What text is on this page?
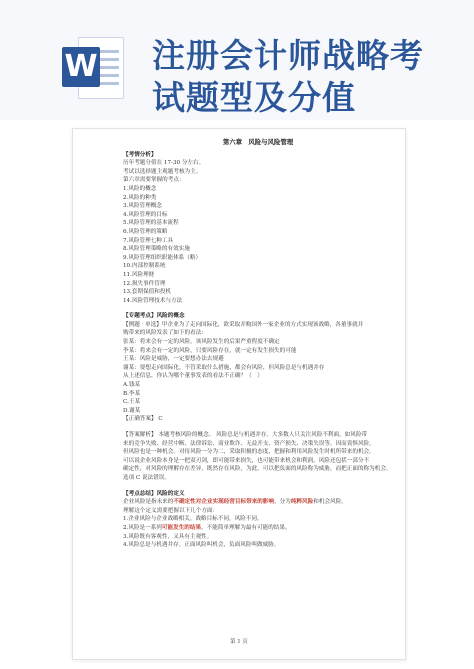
W 注册会计师战略考
试题型及分值
第六章　风险与风险管理
【考情分析】
历年考题分值在 17-30 分左右。
考试以选择题主观题考核为主。
第六章需要掌握的考点：
1.风险的概念
2.风险的种类
3.风险管理概念
4.风险管理的目标
5.风险管理的基本流程
6.风险管理的策略
7.风险管理七种工具
8.风险管理策略的有效实施
9.风险管理组织职能体系（略）
10.内部控制系统
11.风险理财
12.损失事件管理
13.套期保值和投机
14.风险管理技术与方法
【专题考点】风险的概念
【例题 · 单选】甲企业为了走向国际化，欲采取并购国外一家企业的方式实现该战略，各董事就并
购带来的风险发表了如下的看法：
张某：将来会有一定的风险，该风险发生的后果严重程度不确定
李某：将来会有一定的风险，只要风险存在，就一定有发生损失的可能
王某：风险是威胁，一定要想办法去规避
谢某：要想走向国际化，不管采取什么措施，都会有风险，但风险总是与机遇并存
从上述信息，你认为哪个董事发表的看法不正确？（　）
A.钱某
B.李某
C.王某
D.谢某
【正确答案】 C
【答案解析】 本题考核风险的概念。 风险总是与机遇并存。大多数人只关注风险不利面，如风险带
来的竞争失败、经营中断、法律诉讼、商业欺诈、无益开支、资产损失、决策失误等，因而畏惧风险。
但风险也是一种机会。对待风险一分为二，采取积极的态度，把握和利用风险发生时机所带来的机会。
可以说企业风险本身是一把双刃剑，即可能带来损失，也可能带来机会和利润。风险还包括一部分不
确定性，对风险的理解存在差异，既然存在风险，为此，可以把负面的风险称为威胁，而把正面的称为机会。
选项 C 说法错误。
【考点总结】风险的定义
企业风险是指未来的不确定性对企业实现经营目标带来的影响，分为纯粹风险和机会风险。
理解这个定义需要把握以下几个方面：
1.企业风险与企业战略相关。战略目标不同，风险不同。
2.风险是一系列可能发生的结果，不能简单理解为最有可能的结果。
3.风险既有客观性，又具有主观性。
4.风险总是与机遇并存。正面风险叫机会，负面风险叫做威胁。
第 1 页
